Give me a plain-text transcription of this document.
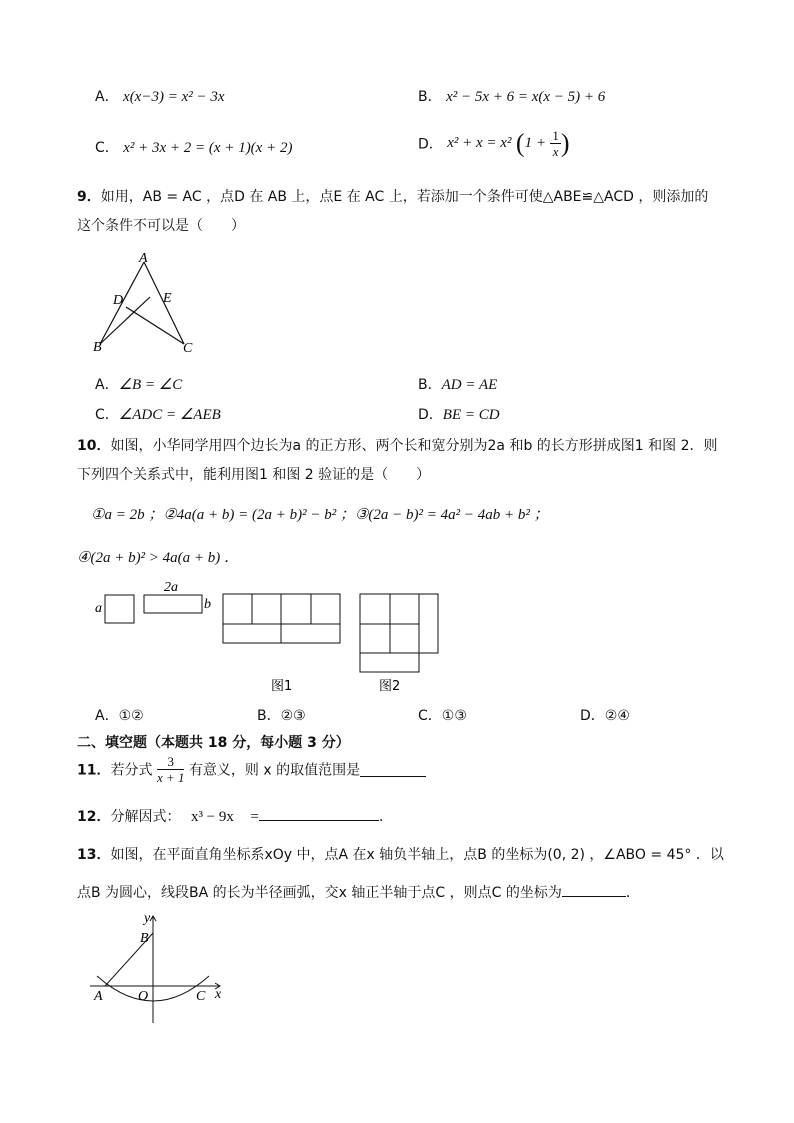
A． x(x−3) = x² − 3x	B． x² − 5x + 6 = x(x − 5) + 6
C． x² + 3x + 2 = (x + 1)(x + 2)	D． x² + x = x² ($1 + \frac{1}{x}$ )
9．如用，AB = AC ，点D 在 AB 上，点E 在 AC 上，若添加一个条件可使△ABE≌△ACD ，则添加的
这个条件不可以是（　　）
A
D	E
B	C
A．∠B = ∠C	B．AD = AE
C．∠ADC = ∠AEB	D．BE = CD
10．如图，小华同学用四个边长为a 的正方形、两个长和宽分别为2a 和b 的长方形拼成图1 和图 2．则
下列四个关系式中，能利用图1 和图 2 验证的是（　　）
①a = 2b ；②4a(a + b) = (2a + b)² − b² ；③(2a − b)² = 4a² − 4ab + b² ；
④(2a + b)² > 4a(a + b) ．
a
2a
b
图1	图2
A．①②	B．②③	C．①③	D．②④
二、填空题（本题共 18 分，每小题 3 分）
11．若分式 $\frac{3}{x + 1}$ 有意义，则 x 的取值范围是
12．分解因式： x³ − 9x =	.
13．如图，在平面直角坐标系xOy 中，点A 在x 轴负半轴上，点B 的坐标为(0, 2) ，∠ABO = 45° ．以
点B 为圆心，线段BA 的长为半径画弧，交x 轴正半轴于点C ，则点C 的坐标为	．
y
B
A	O	C x
